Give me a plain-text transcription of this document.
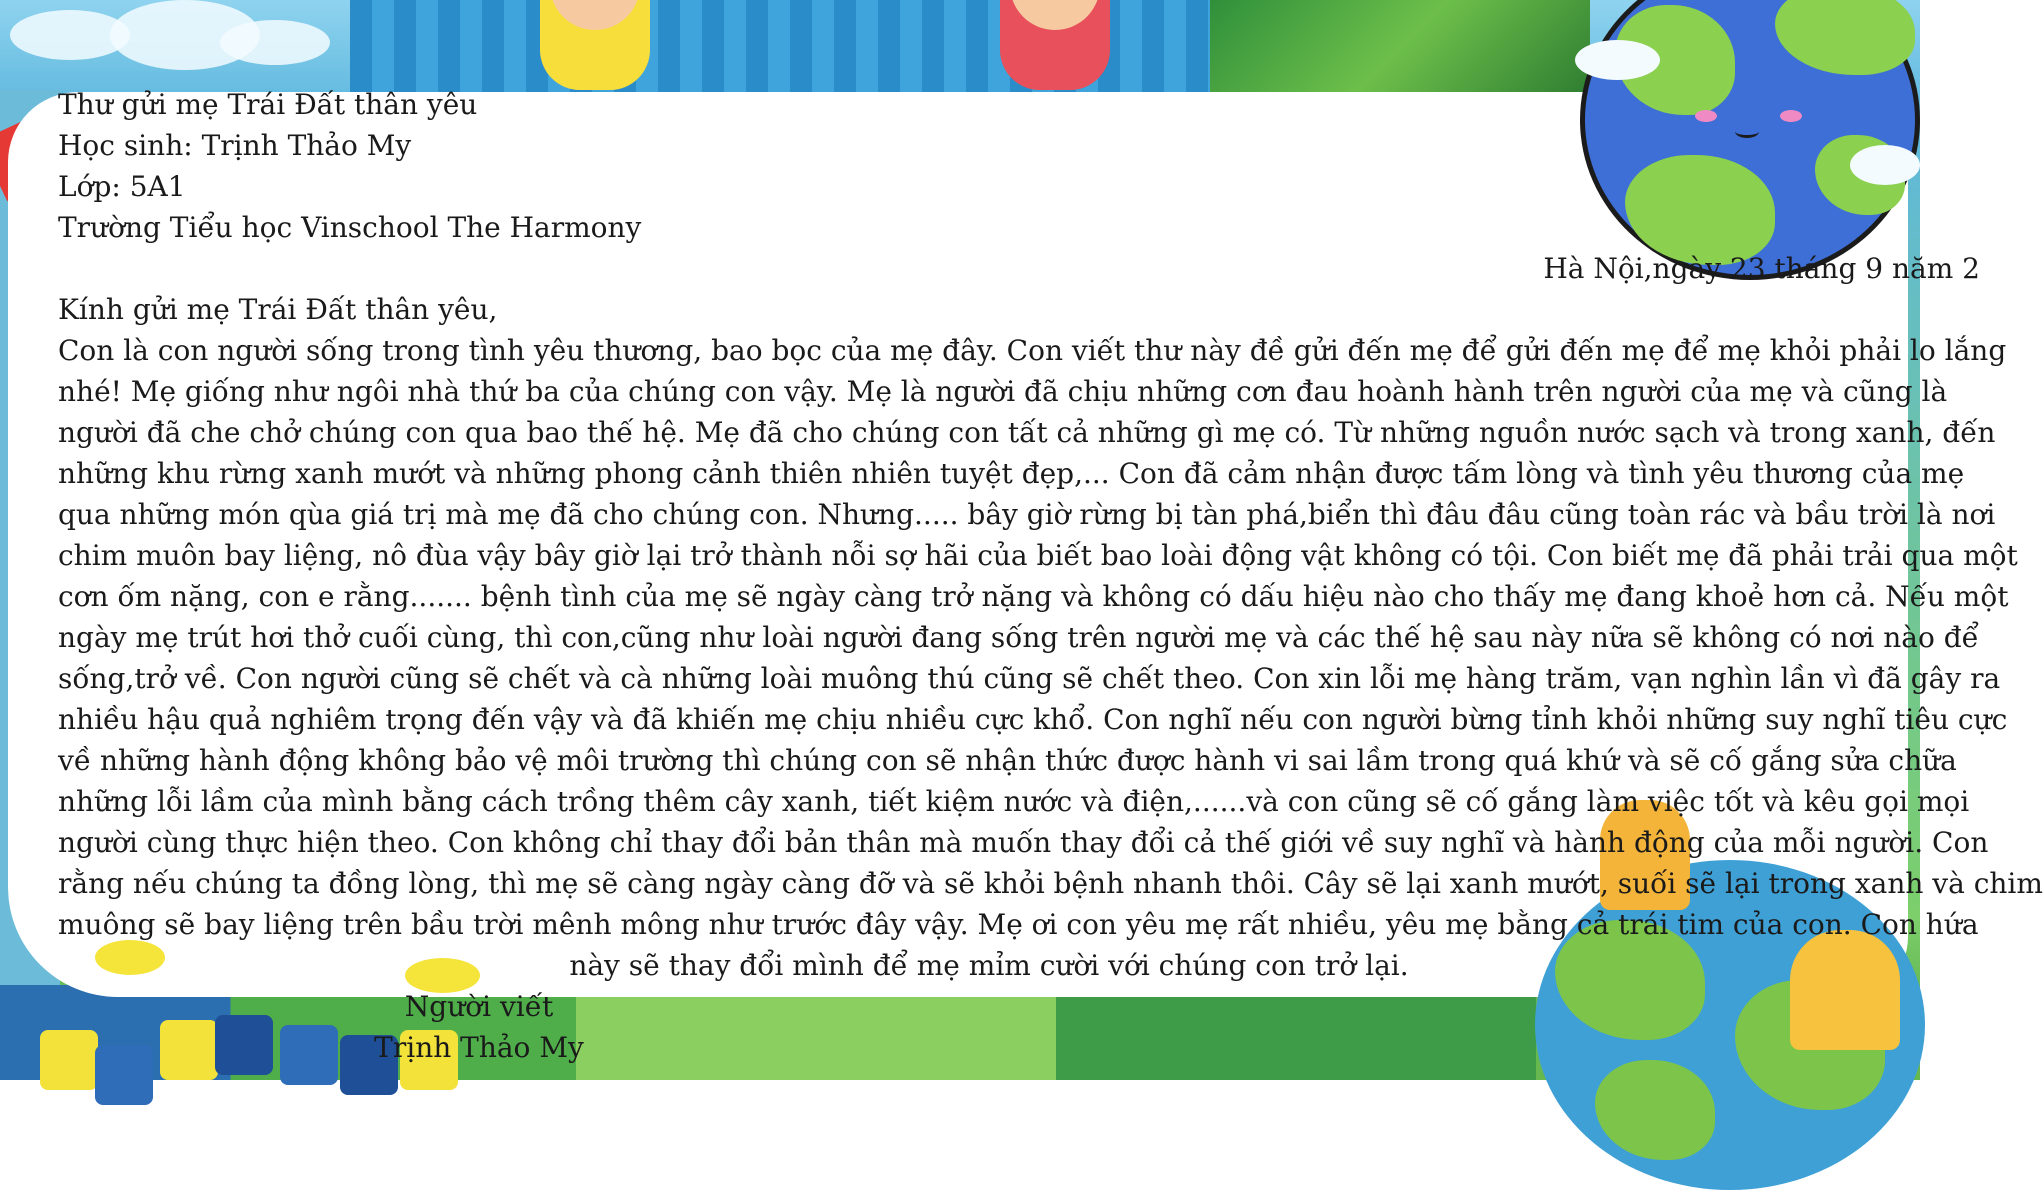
Thư gửi mẹ Trái Đất thân yêu
Học sinh: Trịnh Thảo My
Lớp: 5A1
Trường Tiểu học Vinschool The Harmony
Hà Nội,ngày 23 tháng 9 năm 2
Kính gửi mẹ Trái Đất thân yêu,
Con là con người sống trong tình yêu thương, bao bọc của mẹ đây. Con viết thư này đề gửi đến mẹ để gửi đến mẹ để mẹ khỏi phải lo lắng
nhé! Mẹ giống như ngôi nhà thứ ba của chúng con vậy. Mẹ là người đã chịu những cơn đau hoành hành trên người của mẹ và cũng là
người đã che chở chúng con qua bao thế hệ. Mẹ đã cho chúng con tất cả những gì mẹ có. Từ những nguồn nước sạch và trong xanh, đến
những khu rừng xanh mướt và những phong cảnh thiên nhiên tuyệt đẹp,... Con đã cảm nhận được tấm lòng và tình yêu thương của mẹ
qua những món qùa giá trị mà mẹ đã cho chúng con. Nhưng..... bây giờ rừng bị tàn phá,biển thì đâu đâu cũng toàn rác và bầu trời là nơi
chim muôn bay liệng, nô đùa vậy bây giờ lại trở thành nỗi sợ hãi của biết bao loài động vật không có tội. Con biết mẹ đã phải trải qua một
cơn ốm nặng, con e rằng....... bệnh tình của mẹ sẽ ngày càng trở nặng và không có dấu hiệu nào cho thấy mẹ đang khoẻ hơn cả. Nếu một
ngày mẹ trút hơi thở cuối cùng, thì con,cũng như loài người đang sống trên người mẹ và các thế hệ sau này nữa sẽ không có nơi nào để
sống,trở về. Con người cũng sẽ chết và cà những loài muông thú cũng sẽ chết theo. Con xin lỗi mẹ hàng trăm, vạn nghìn lần vì đã gây ra
nhiều hậu quả nghiêm trọng đến vậy và đã khiến mẹ chịu nhiều cực khổ. Con nghĩ nếu con người bừng tỉnh khỏi những suy nghĩ tiêu cực
về những hành động không bảo vệ môi trường thì chúng con sẽ nhận thức được hành vi sai lầm trong quá khứ và sẽ cố gắng sửa chữa
những lỗi lầm của mình bằng cách trồng thêm cây xanh, tiết kiệm nước và điện,......và con cũng sẽ cố gắng làm việc tốt và kêu gọi mọi
người cùng thực hiện theo. Con không chỉ thay đổi bản thân mà muốn thay đổi cả thế giới về suy nghĩ và hành động của mỗi người. Con
rằng nếu chúng ta đồng lòng, thì mẹ sẽ càng ngày càng đỡ và sẽ khỏi bệnh nhanh thôi. Cây sẽ lại xanh mướt, suối sẽ lại trong xanh và chim
muông sẽ bay liệng trên bầu trời mênh mông như trước đây vậy. Mẹ ơi con yêu mẹ rất nhiều, yêu mẹ bằng cả trái tim của con. Con hứa
này sẽ thay đổi mình để mẹ mỉm cười với chúng con trở lại.
Người viết
Trịnh Thảo My
